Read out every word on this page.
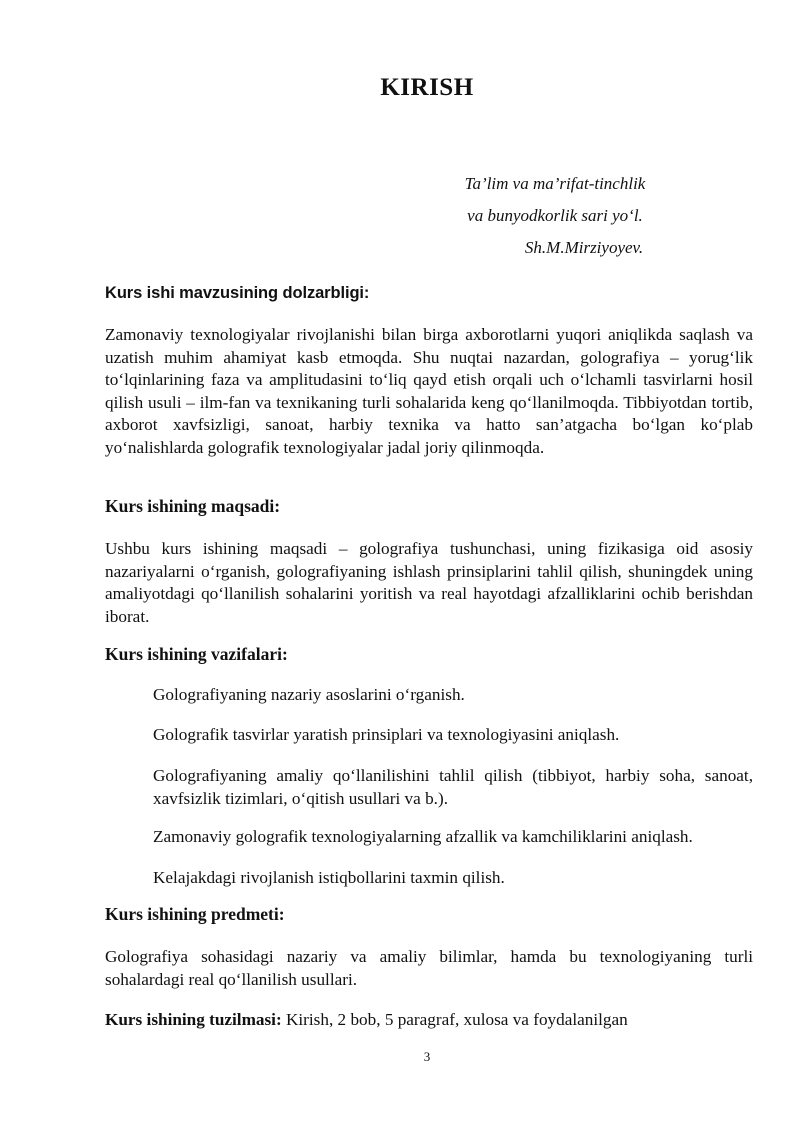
KIRISH
Ta’lim va ma’rifat-tinchlik
va bunyodkorlik sari yo‘l.
Sh.M.Mirziyoyev.
Kurs ishi mavzusining dolzarbligi:

Zamonaviy texnologiyalar rivojlanishi bilan birga axborotlarni yuqori aniqlikda saqlash va uzatish muhim ahamiyat kasb etmoqda. Shu nuqtai nazardan, golografiya – yorug‘lik to‘lqinlarining faza va amplitudasini to‘liq qayd etish orqali uch o‘lchamli tasvirlarni hosil qilish usuli – ilm-fan va texnikaning turli sohalarida keng qo‘llanilmoqda. Tibbiyotdan tortib, axborot xavfsizligi, sanoat, harbiy texnika va hatto san’atgacha bo‘lgan ko‘plab yo‘nalishlarda golografik texnologiyalar jadal joriy qilinmoqda.

Kurs ishining maqsadi:

Ushbu kurs ishining maqsadi – golografiya tushunchasi, uning fizikasiga oid asosiy nazariyalarni o‘rganish, golografiyaning ishlash prinsiplarini tahlil qilish, shuningdek uning amaliyotdagi qo‘llanilish sohalarini yoritish va real hayotdagi afzalliklarini ochib berishdan iborat.

Kurs ishining vazifalari:
Golografiyaning nazariy asoslarini o‘rganish.
Golografik tasvirlar yaratish prinsiplari va texnologiyasini aniqlash.
Golografiyaning amaliy qo‘llanilishini tahlil qilish (tibbiyot, harbiy soha, sanoat, xavfsizlik tizimlari, o‘qitish usullari va b.).
Zamonaviy golografik texnologiyalarning afzallik va kamchiliklarini aniqlash.
Kelajakdagi rivojlanish istiqbollarini taxmin qilish.
Kurs ishining predmeti:

Golografiya sohasidagi nazariy va amaliy bilimlar, hamda bu texnologiyaning turli sohalardagi real qo‘llanilish usullari.

Kurs ishining tuzilmasi: Kirish, 2 bob, 5 paragraf, xulosa va foydalanilgan
3
